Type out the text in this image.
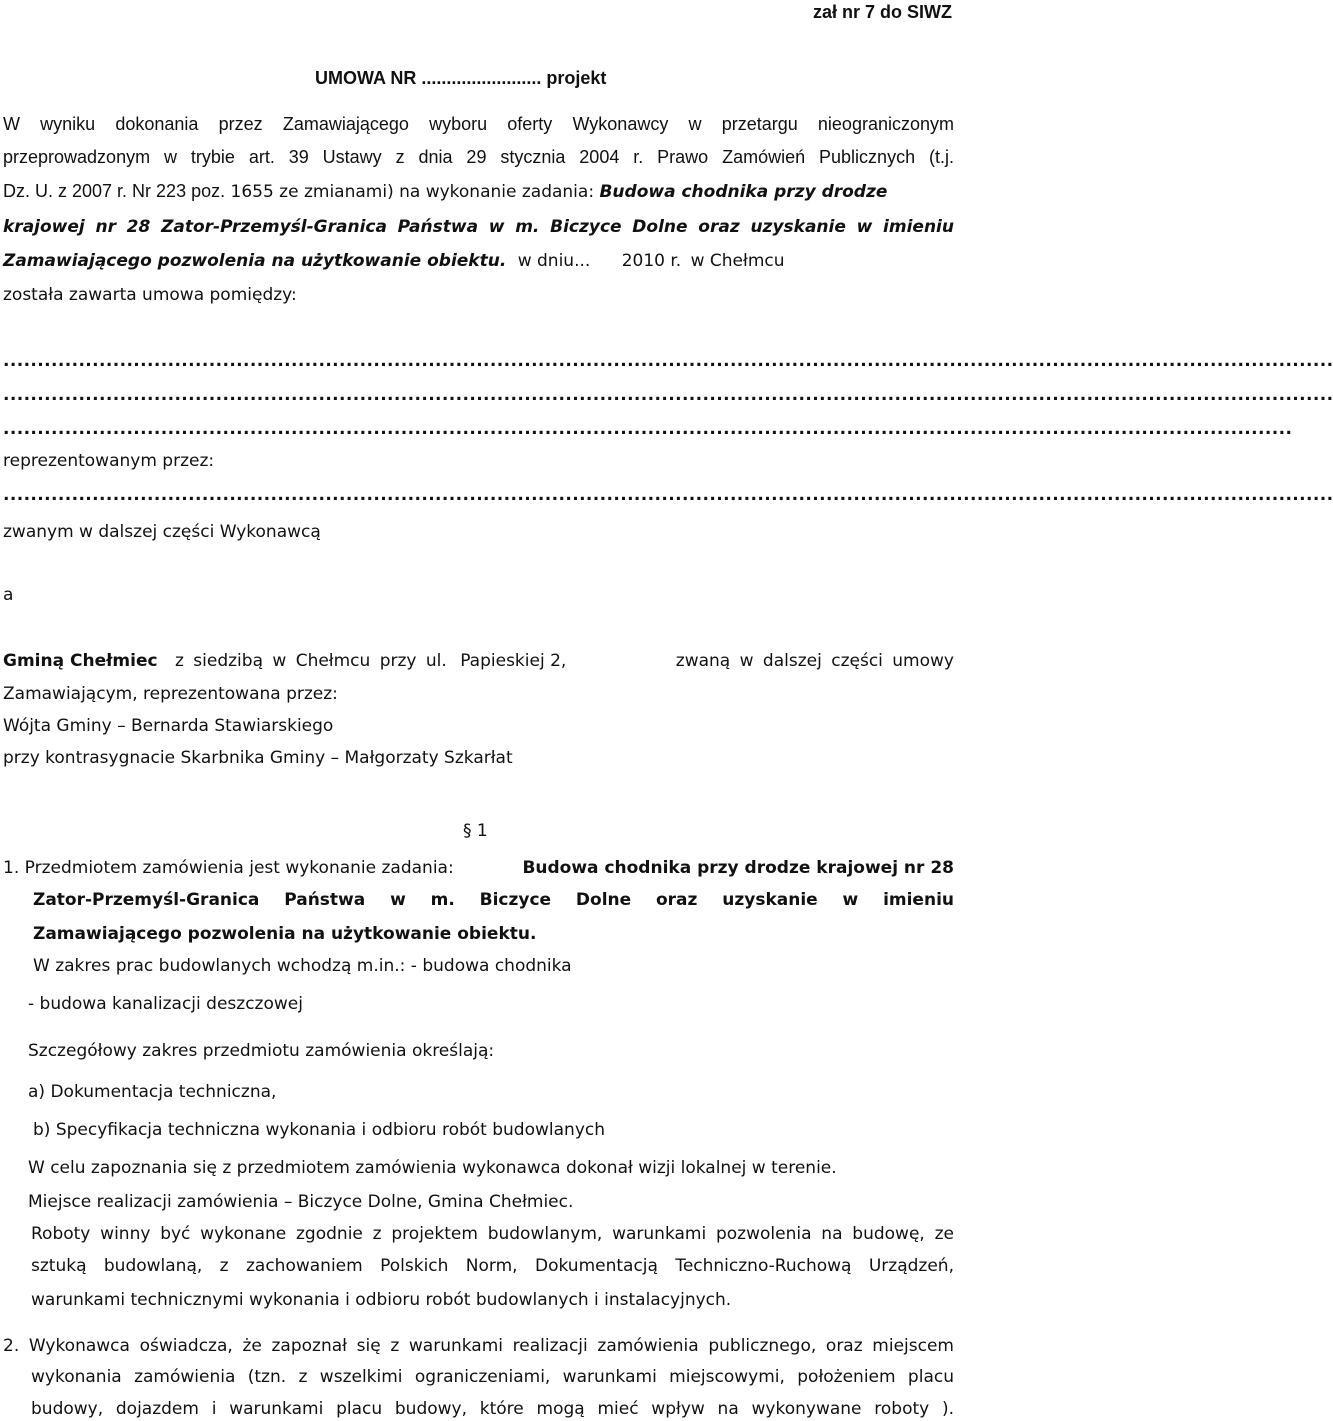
zał nr 7 do SIWZ
UMOWA NR ........................ projekt
W wyniku dokonania przez Zamawiającego wyboru oferty Wykonawcy w przetargu nieograniczonym
przeprowadzonym w trybie art. 39 Ustawy z dnia 29 stycznia 2004 r. Prawo Zamówień Publicznych (t.j.
Dz. U. z 2007 r. Nr 223 poz. 1655 ze zmianami) na wykonanie zadania: Budowa chodnika przy drodze
krajowej nr 28 Zator-Przemyśl-Granica Państwa w m. Biczyce Dolne oraz uzyskanie w imieniu
Zamawiającego pozwolenia na użytkowanie obiektu. w dniu... 2010 r. w Chełmcu
została zawarta umowa pomiędzy:
..................................................................................................................................................................................................
..................................................................................................................................................................................................
............................................................................................................................................................................................
reprezentowanym przez:
..................................................................................................................................................................................................
zwanym w dalszej części Wykonawcą
a
Gminą Chełmiec z siedzibą w Chełmcu przy ul. Papieskiej 2,	zwaną w dalszej części umowy
Zamawiającym, reprezentowana przez:
Wójta Gminy – Bernarda Stawiarskiego
przy kontrasygnacie Skarbnika Gminy – Małgorzaty Szkarłat
§ 1
1. Przedmiotem zamówienia jest wykonanie zadania:	Budowa chodnika przy drodze krajowej nr 28
Zator-Przemyśl-Granica Państwa w m. Biczyce Dolne oraz uzyskanie w imieniu
Zamawiającego pozwolenia na użytkowanie obiektu.
W zakres prac budowlanych wchodzą m.in.: - budowa chodnika
- budowa kanalizacji deszczowej
Szczegółowy zakres przedmiotu zamówienia określają:
a) Dokumentacja techniczna,
b) Specyfikacja techniczna wykonania i odbioru robót budowlanych
W celu zapoznania się z przedmiotem zamówienia wykonawca dokonał wizji lokalnej w terenie.
Miejsce realizacji zamówienia – Biczyce Dolne, Gmina Chełmiec.
Roboty winny być wykonane zgodnie z projektem budowlanym, warunkami pozwolenia na budowę, ze
sztuką budowlaną, z zachowaniem Polskich Norm, Dokumentacją Techniczno-Ruchową Urządzeń,
warunkami technicznymi wykonania i odbioru robót budowlanych i instalacyjnych.
2. Wykonawca oświadcza, że zapoznał się z warunkami realizacji zamówienia publicznego, oraz miejscem
wykonania zamówienia (tzn. z wszelkimi ograniczeniami, warunkami miejscowymi, położeniem placu
budowy, dojazdem i warunkami placu budowy, które mogą mieć wpływ na wykonywane roboty ).
